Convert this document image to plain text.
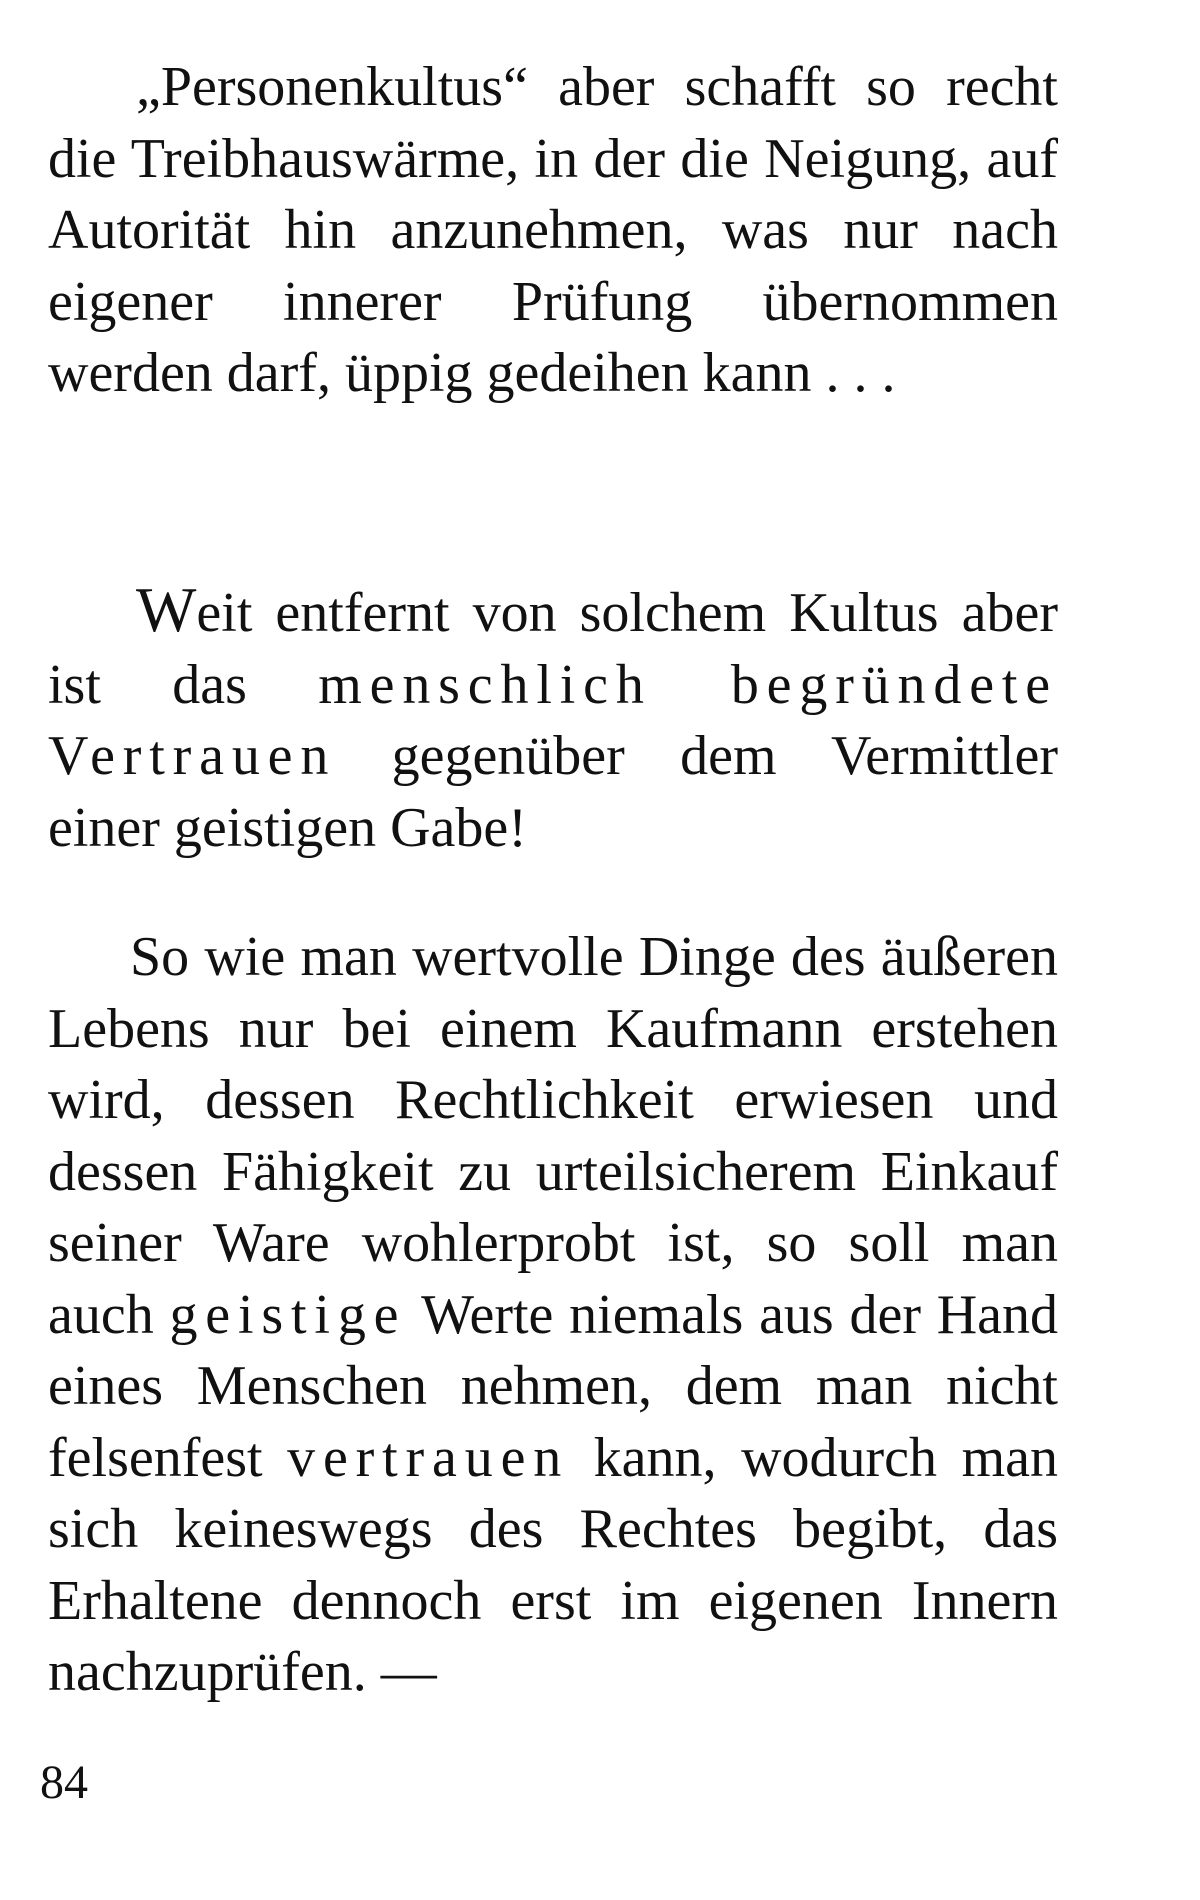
„Personenkultus“ aber schafft so recht die Treibhauswärme, in der die Neigung, auf Autorität hin anzunehmen, was nur nach eigener innerer Prüfung übernommen werden darf, üppig gedeihen kann . . .

Weit entfernt von solchem Kultus aber ist das menschlich begründete Vertrauen gegenüber dem Vermittler einer geistigen Gabe!

So wie man wertvolle Dinge des äußeren Lebens nur bei einem Kaufmann erstehen wird, dessen Rechtlichkeit erwiesen und dessen Fähigkeit zu urteilsicherem Einkauf seiner Ware wohlerprobt ist, so soll man auch geistige Werte niemals aus der Hand eines Menschen nehmen, dem man nicht felsenfest vertrauen kann, wodurch man sich keineswegs des Rechtes begibt, das Erhaltene dennoch erst im eigenen Innern nachzuprüfen. —

84
